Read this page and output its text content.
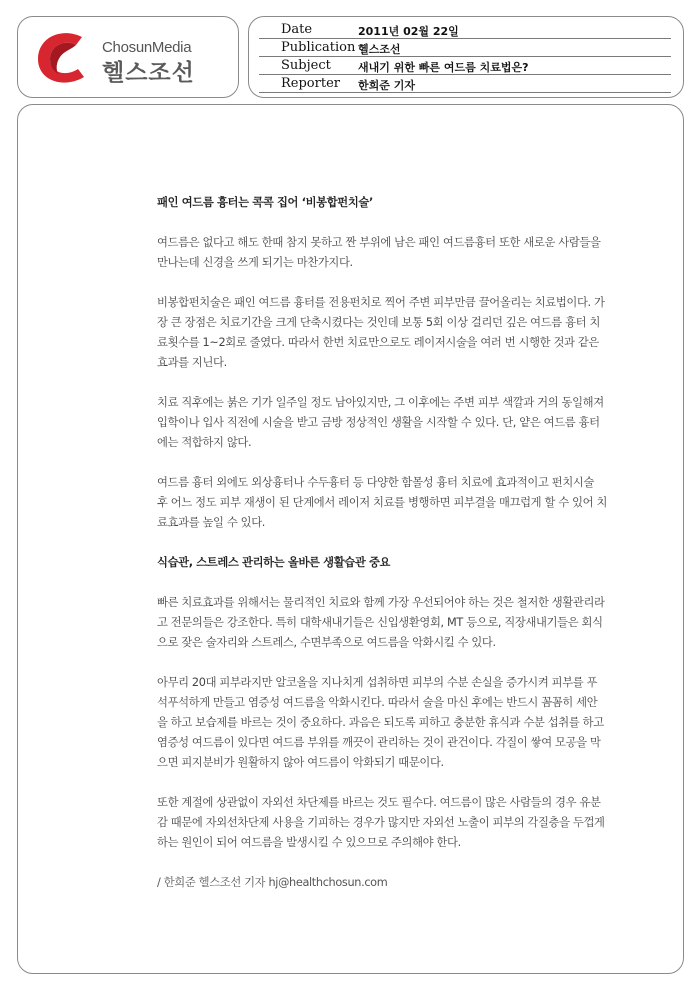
ChosunMedia
헬스조선
Date	2011년 02월 22일
Publication 헬스조선
Subject 새내기 위한 빠른 여드름 치료법은?
Reporter 한희준 기자

패인 여드름 흉터는 콕콕 집어 ‘비봉합펀치술’

여드름은 없다고 해도 한때 참지 못하고 짠 부위에 남은 패인 여드름흉터 또한 새로운 사람들을 만나는데 신경을 쓰게 되기는 마찬가지다.

비봉합펀치술은 패인 여드름 흉터를 전용펀치로 찍어 주변 피부만큼 끌어올리는 치료법이다. 가장 큰 장점은 치료기간을 크게 단축시켰다는 것인데 보통 5회 이상 걸리던 깊은 여드름 흉터 치료횟수를 1~2회로 줄였다. 따라서 한번 치료만으로도 레이저시술을 여러 번 시행한 것과 같은 효과를 지닌다.

치료 직후에는 붉은 기가 일주일 정도 남아있지만, 그 이후에는 주변 피부 색깔과 거의 동일해져 입학이나 입사 직전에 시술을 받고 금방 정상적인 생활을 시작할 수 있다. 단, 얕은 여드름 흉터에는 적합하지 않다.

여드름 흉터 외에도 외상흉터나 수두흉터 등 다양한 함몰성 흉터 치료에 효과적이고 펀치시술 후 어느 정도 피부 재생이 된 단계에서 레이저 치료를 병행하면 피부결을 매끄럽게 할 수 있어 치료효과를 높일 수 있다.

식습관, 스트레스 관리하는 올바른 생활습관 중요

빠른 치료효과를 위해서는 물리적인 치료와 함께 가장 우선되어야 하는 것은 철저한 생활관리라고 전문의들은 강조한다. 특히 대학새내기들은 신입생환영회, MT 등으로, 직장새내기들은 회식으로 잦은 술자리와 스트레스, 수면부족으로 여드름을 악화시킬 수 있다.

아무리 20대 피부라지만 알코올을 지나치게 섭취하면 피부의 수분 손실을 증가시켜 피부를 푸석푸석하게 만들고 염증성 여드름을 악화시킨다. 따라서 술을 마신 후에는 반드시 꼼꼼히 세안을 하고 보습제를 바르는 것이 중요하다. 과음은 되도록 피하고 충분한 휴식과 수분 섭취를 하고 염증성 여드름이 있다면 여드름 부위를 깨끗이 관리하는 것이 관건이다. 각질이 쌓여 모공을 막으면 피지분비가 원활하지 않아 여드름이 악화되기 때문이다.

또한 계절에 상관없이 자외선 차단제를 바르는 것도 필수다. 여드름이 많은 사람들의 경우 유분감 때문에 자외선차단제 사용을 기피하는 경우가 많지만 자외선 노출이 피부의 각질층을 두껍게 하는 원인이 되어 여드름을 발생시킬 수 있으므로 주의해야 한다.

/ 한희준 헬스조선 기자 hj@healthchosun.com
